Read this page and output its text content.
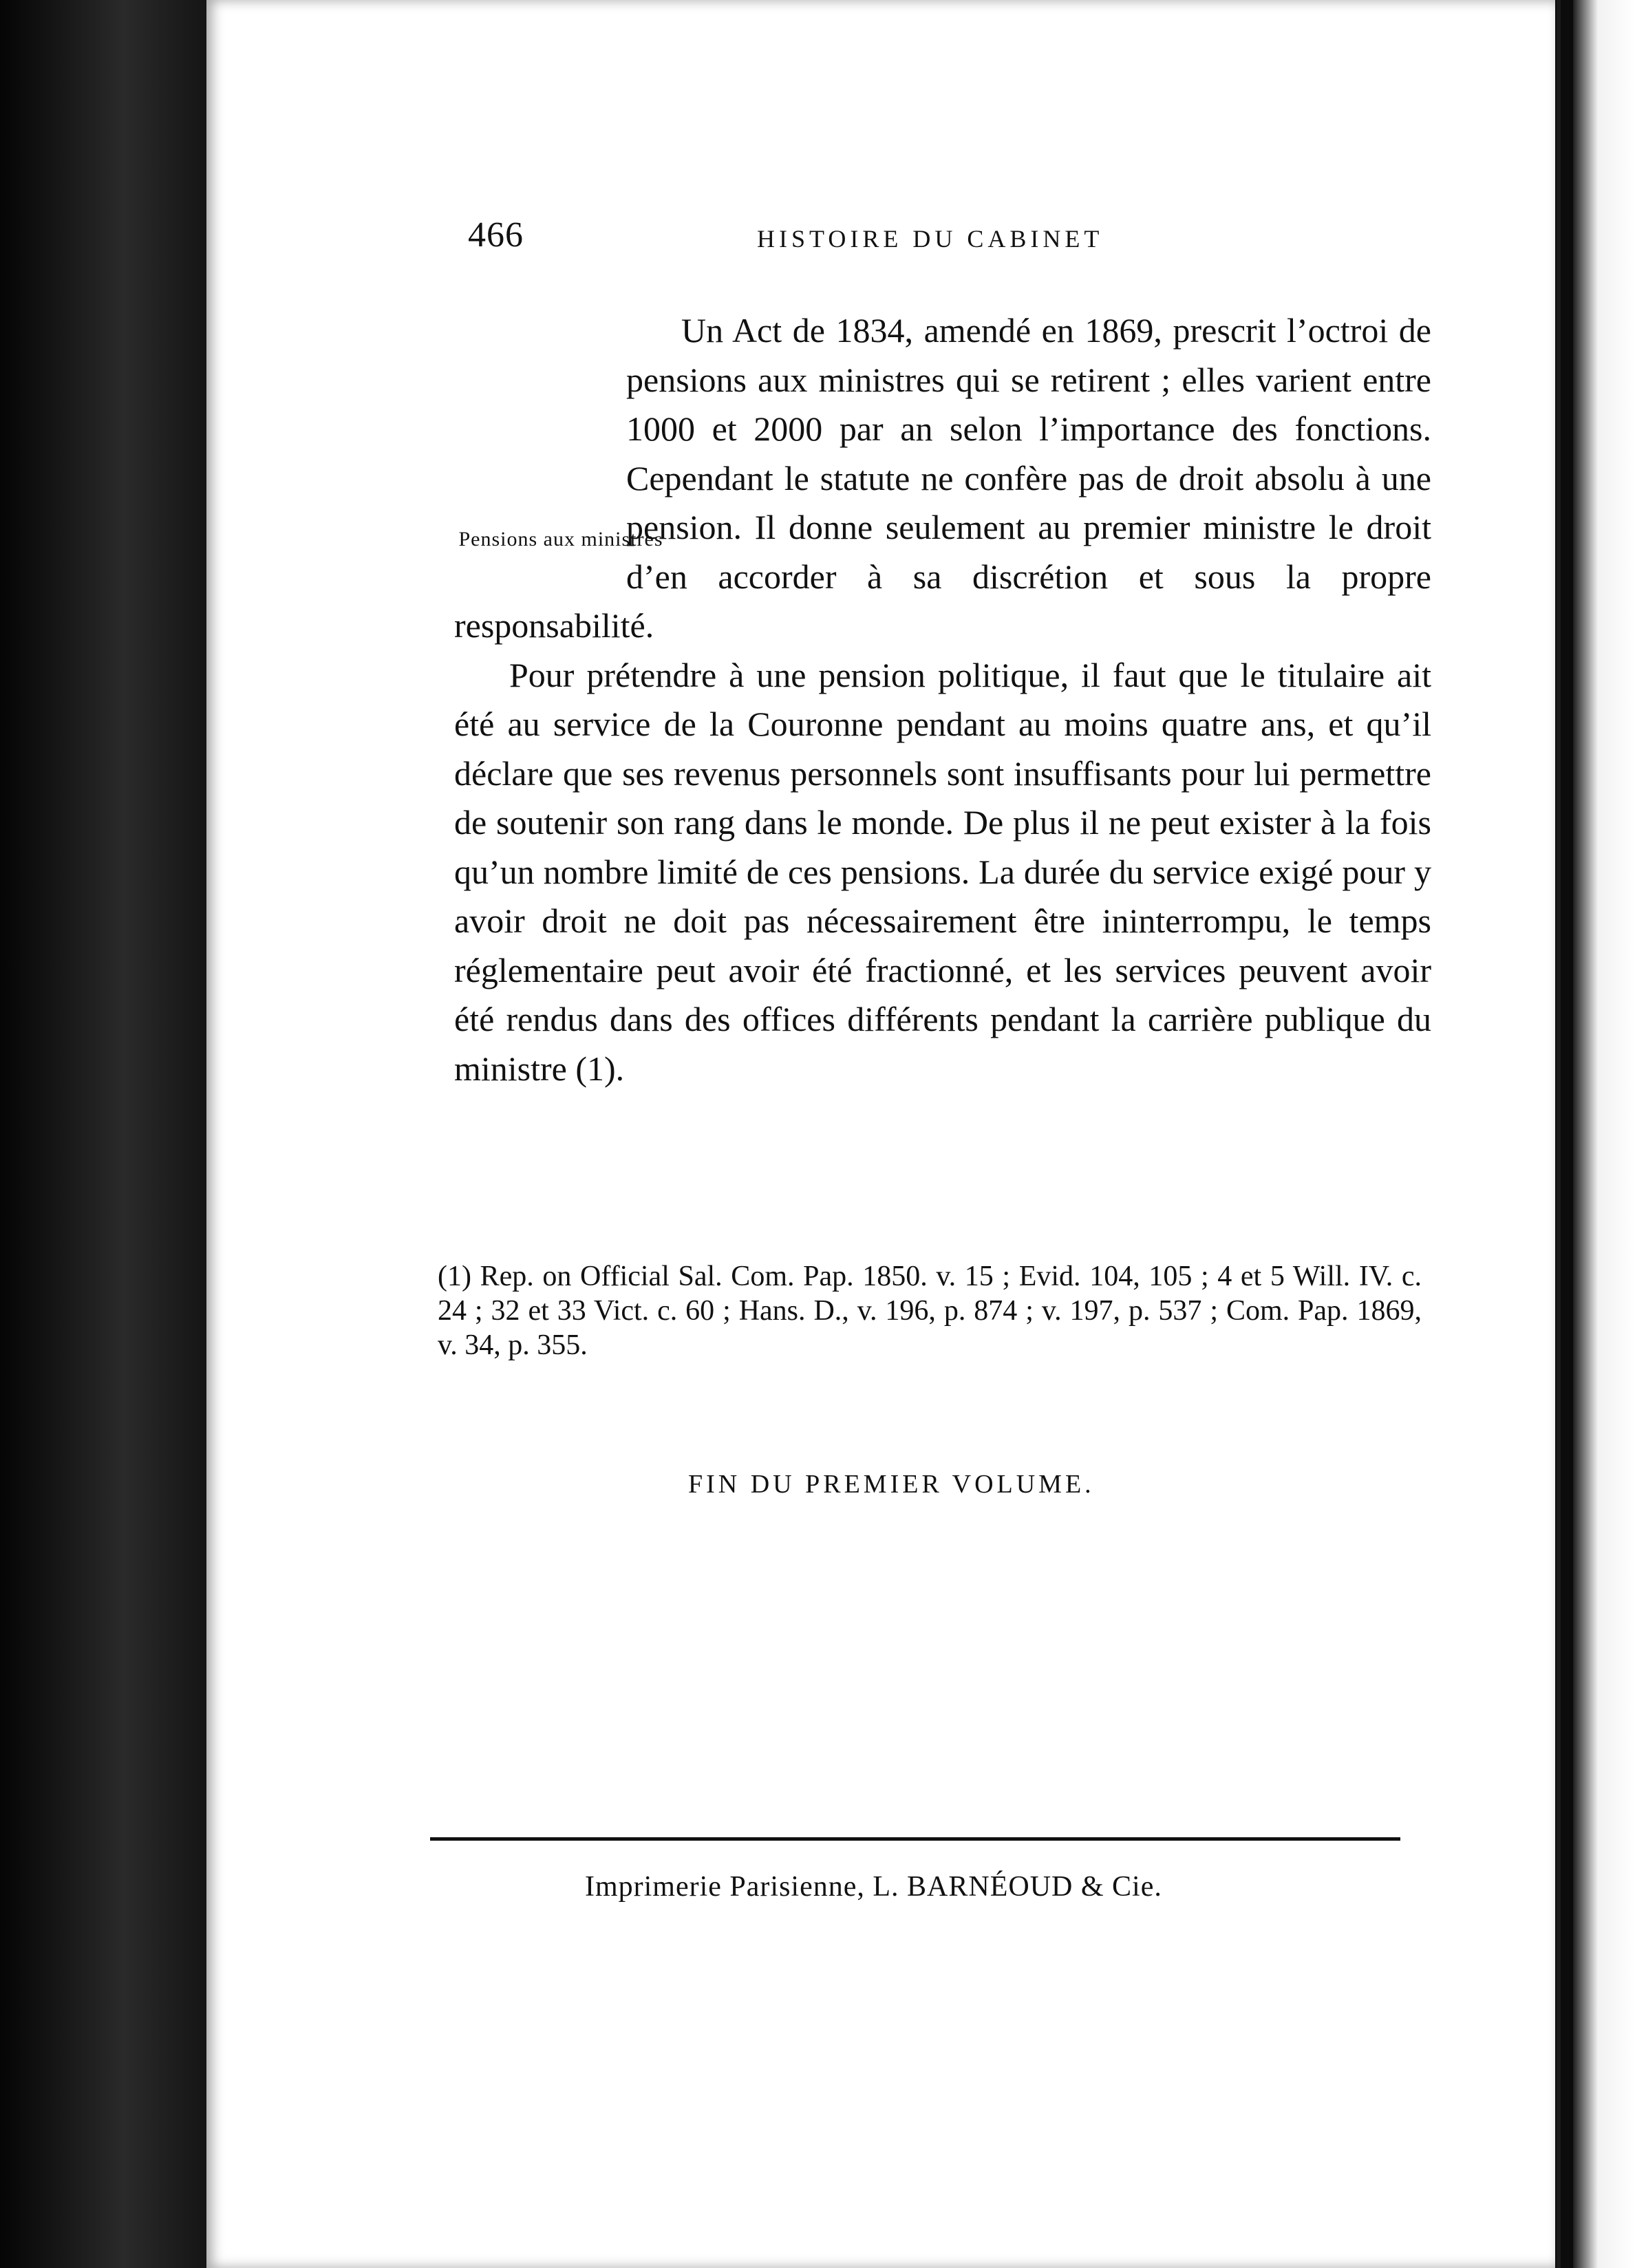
466	HISTOIRE DU CABINET

Un Act de 1834, amendé en 1869, prescrit l’octroi de pensions aux ministres qui se retirent ; elles varient entre 1000 et 2000 par an selon l’importance des fonctions. Cependant le statute ne confère pas de droit absolu à une pension. Il donne seulement au premier ministre le droit d’en accorder à sa discrétion et sous la propre responsabilité.

Pour prétendre à une pension politique, il faut que le titulaire ait été au service de la Couronne pendant au moins quatre ans, et qu’il déclare que ses revenus personnels sont insuffisants pour lui permettre de soutenir son rang dans le monde. De plus il ne peut exister à la fois qu’un nombre limité de ces pensions. La durée du service exigé pour y avoir droit ne doit pas nécessairement être ininterrompu, le temps réglementaire peut avoir été fractionné, et les services peuvent avoir été rendus dans des offices différents pendant la carrière publique du ministre (1).

Pensions aux ministres
(1) Rep. on Official Sal. Com. Pap. 1850. v. 15 ; Evid. 104, 105 ; 4 et 5 Will. IV. c. 24 ; 32 et 33 Vict. c. 60 ; Hans. D., v. 196, p. 874 ; v. 197, p. 537 ; Com. Pap. 1869, v. 34, p. 355.
FIN DU PREMIER VOLUME.
Imprimerie Parisienne, L. BARNÉOUD & Cie.
